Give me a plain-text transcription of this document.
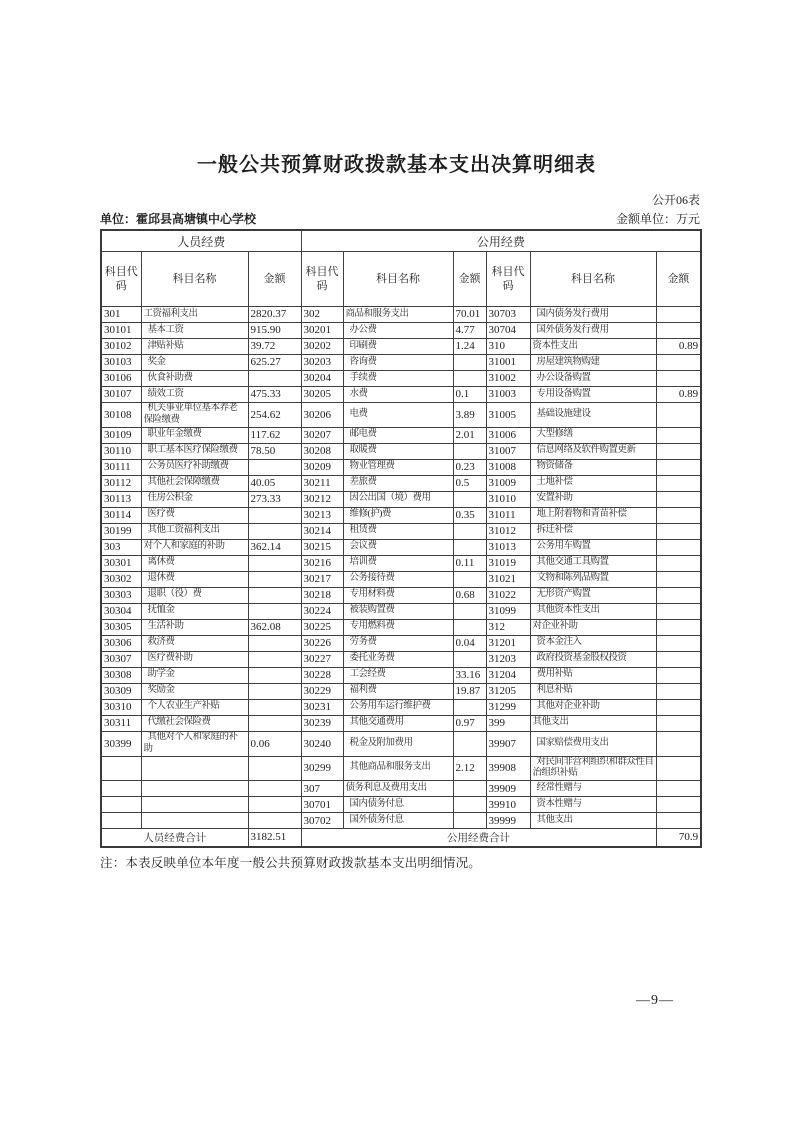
一般公共预算财政拨款基本支出决算明细表
公开06表
单位：霍邱县高塘镇中心学校	金额单位：万元
人员经费			公用经费					
科目代码	科目名称	金额	科目代码	科目名称	金额	科目代码	科目名称	金额
301	工资福利支出	2820.37	302	商品和服务支出	70.01	30703	国内债务发行费用	
30101	基本工资	915.90	30201	办公费	4.77	30704	国外债务发行费用	
30102	津贴补贴	39.72	30202	印刷费	1.24	310	资本性支出	0.89
30103	奖金	625.27	30203	咨询费		31001	房屋建筑物购建	
30106	伙食补助费		30204	手续费		31002	办公设备购置	
30107	绩效工资	475.33	30205	水费	0.1	31003	专用设备购置	0.89
30108	机关事业单位基本养老保险缴费	254.62	30206	电费	3.89	31005	基础设施建设	
30109	职业年金缴费	117.62	30207	邮电费	2.01	31006	大型修缮	
30110	职工基本医疗保险缴费	78.50	30208	取暖费		31007	信息网络及软件购置更新	
30111	公务员医疗补助缴费		30209	物业管理费	0.23	31008	物资储备	
30112	其他社会保障缴费	40.05	30211	差旅费	0.5	31009	土地补偿	
30113	住房公积金	273.33	30212	因公出国（境）费用		31010	安置补助	
30114	医疗费		30213	维修(护)费	0.35	31011	地上附着物和青苗补偿	
30199	其他工资福利支出		30214	租赁费		31012	拆迁补偿	
303	对个人和家庭的补助	362.14	30215	会议费		31013	公务用车购置	
30301	离休费		30216	培训费	0.11	31019	其他交通工具购置	
30302	退休费		30217	公务接待费		31021	文物和陈列品购置	
30303	退职（役）费		30218	专用材料费	0.68	31022	无形资产购置	
30304	抚恤金		30224	被装购置费		31099	其他资本性支出	
30305	生活补助	362.08	30225	专用燃料费		312	对企业补助	
30306	救济费		30226	劳务费	0.04	31201	资本金注入	
30307	医疗费补助		30227	委托业务费		31203	政府投资基金股权投资	
30308	助学金		30228	工会经费	33.16	31204	费用补贴	
30309	奖励金		30229	福利费	19.87	31205	利息补贴	
30310	个人农业生产补贴		30231	公务用车运行维护费		31299	其他对企业补助	
30311	代缴社会保险费		30239	其他交通费用	0.97	399	其他支出	
30399	其他对个人和家庭的补助	0.06	30240	税金及附加费用		39907	国家赔偿费用支出	
			30299	其他商品和服务支出	2.12	39908	对民间非营利组织和群众性自治组织补贴	
			307	债务利息及费用支出		39909	经常性赠与	
			30701	国内债务付息		39910	资本性赠与	
			30702	国外债务付息		39999	其他支出	
人员经费合计		3182.51	公用经费合计					70.9
注：本表反映单位本年度一般公共预算财政拨款基本支出明细情况。
—9—
